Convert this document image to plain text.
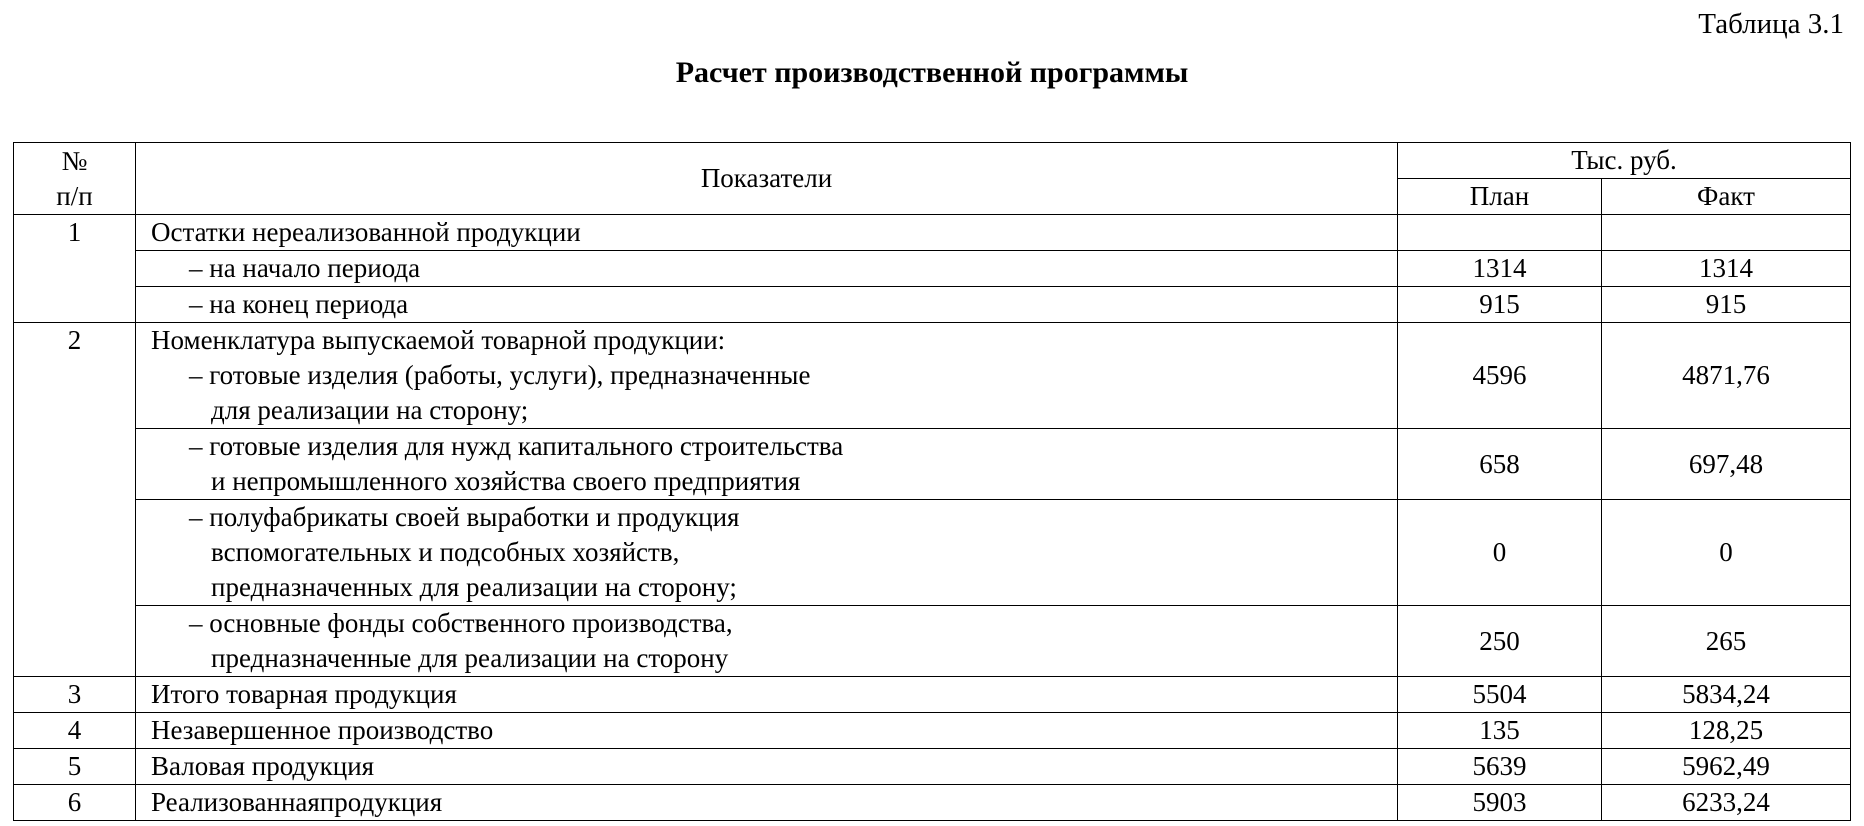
Таблица 3.1
Расчет производственной программы
№
п/п	Показатели	Тыс. руб.	
		План	Факт
1	Остатки нереализованной продукции		

	– на начало периода	1314	1314

	– на конец периода	915	915
2	Номенклатура выпускаемой товарной продукции:
– готовые изделия (работы, услуги), предназначенные
для реализации на сторону;	4596	4871,76

	– готовые изделия для нужд капитального строительства
и непромышленного хозяйства своего предприятия	658	697,48

	– полуфабрикаты своей выработки и продукция
вспомогательных и подсобных хозяйств,
предназначенных для реализации на сторону;	0	0

	– основные фонды собственного производства,
предназначенные для реализации на сторону	250	265
3	Итого товарная продукция	5504	5834,24
4	Незавершенное производство	135	128,25
5	Валовая продукция	5639	5962,49
6	Реализованнаяпродукция	5903	6233,24
